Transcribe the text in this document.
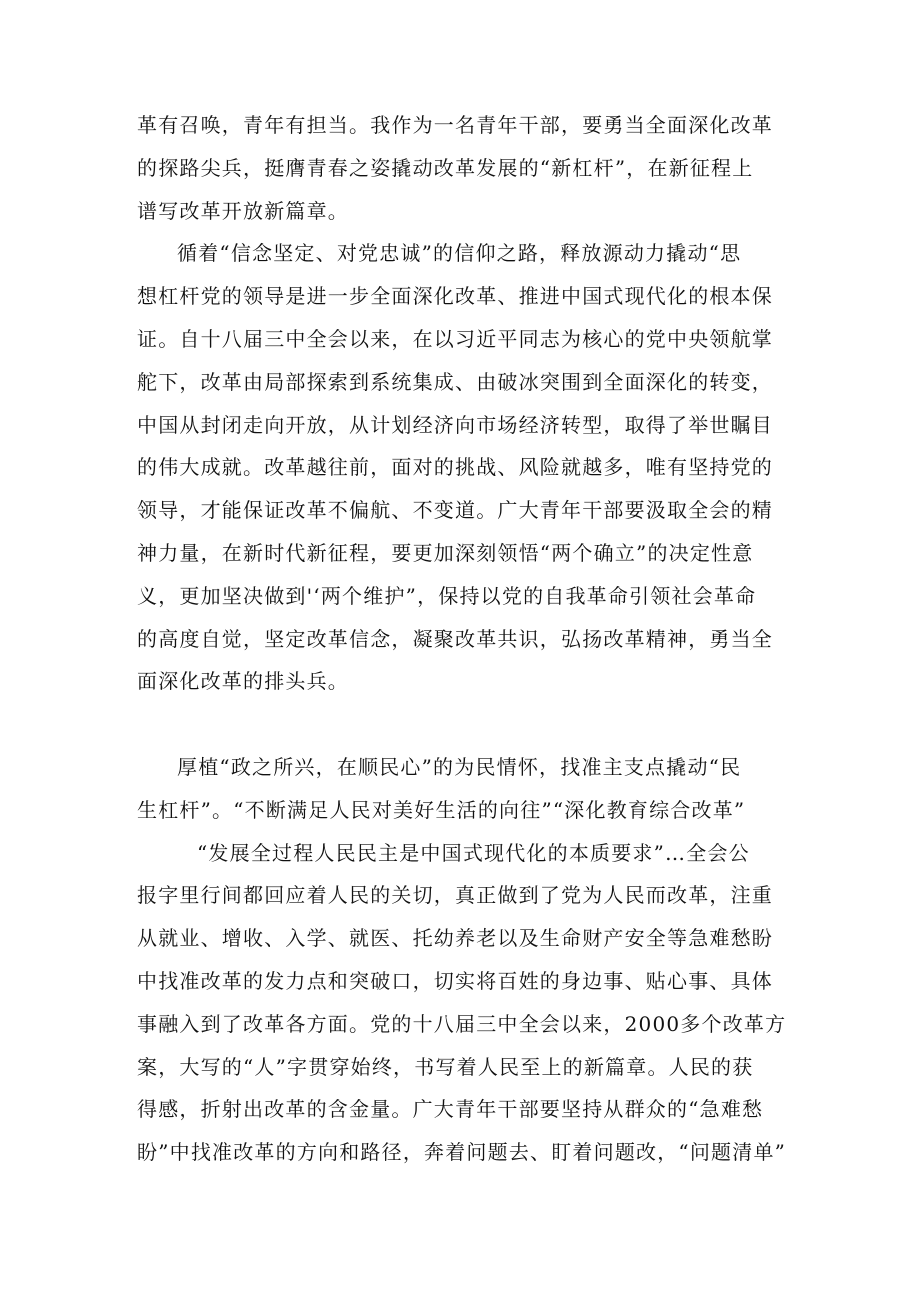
革有召唤，青年有担当。我作为一名青年干部，要勇当全面深化改革
的探路尖兵，挺膺青春之姿撬动改革发展的“新杠杆”，在新征程上
谱写改革开放新篇章。
循着“信念坚定、对党忠诚”的信仰之路，释放源动力撬动“思
想杠杆党的领导是进一步全面深化改革、推进中国式现代化的根本保
证。自十八届三中全会以来，在以习近平同志为核心的党中央领航掌
舵下，改革由局部探索到系统集成、由破冰突围到全面深化的转变，
中国从封闭走向开放，从计划经济向市场经济转型，取得了举世瞩目
的伟大成就。改革越往前，面对的挑战、风险就越多，唯有坚持党的
领导，才能保证改革不偏航、不变道。广大青年干部要汲取全会的精
神力量，在新时代新征程，要更加深刻领悟“两个确立”的决定性意
义，更加坚决做到'‘两个维护”，保持以党的自我革命引领社会革命
的高度自觉，坚定改革信念，凝聚改革共识，弘扬改革精神，勇当全
面深化改革的排头兵。
厚植“政之所兴，在顺民心”的为民情怀，找准主支点撬动“民
生杠杆”。“不断满足人民对美好生活的向往”“深化教育综合改革”
“发展全过程人民民主是中国式现代化的本质要求”…全会公
报字里行间都回应着人民的关切，真正做到了党为人民而改革，注重
从就业、增收、入学、就医、托幼养老以及生命财产安全等急难愁盼
中找准改革的发力点和突破口，切实将百姓的身边事、贴心事、具体
事融入到了改革各方面。党的十八届三中全会以来，2000多个改革方
案，大写的“人”字贯穿始终，书写着人民至上的新篇章。人民的获
得感，折射出改革的含金量。广大青年干部要坚持从群众的“急难愁
盼”中找准改革的方向和路径，奔着问题去、盯着问题改，“问题清单”
